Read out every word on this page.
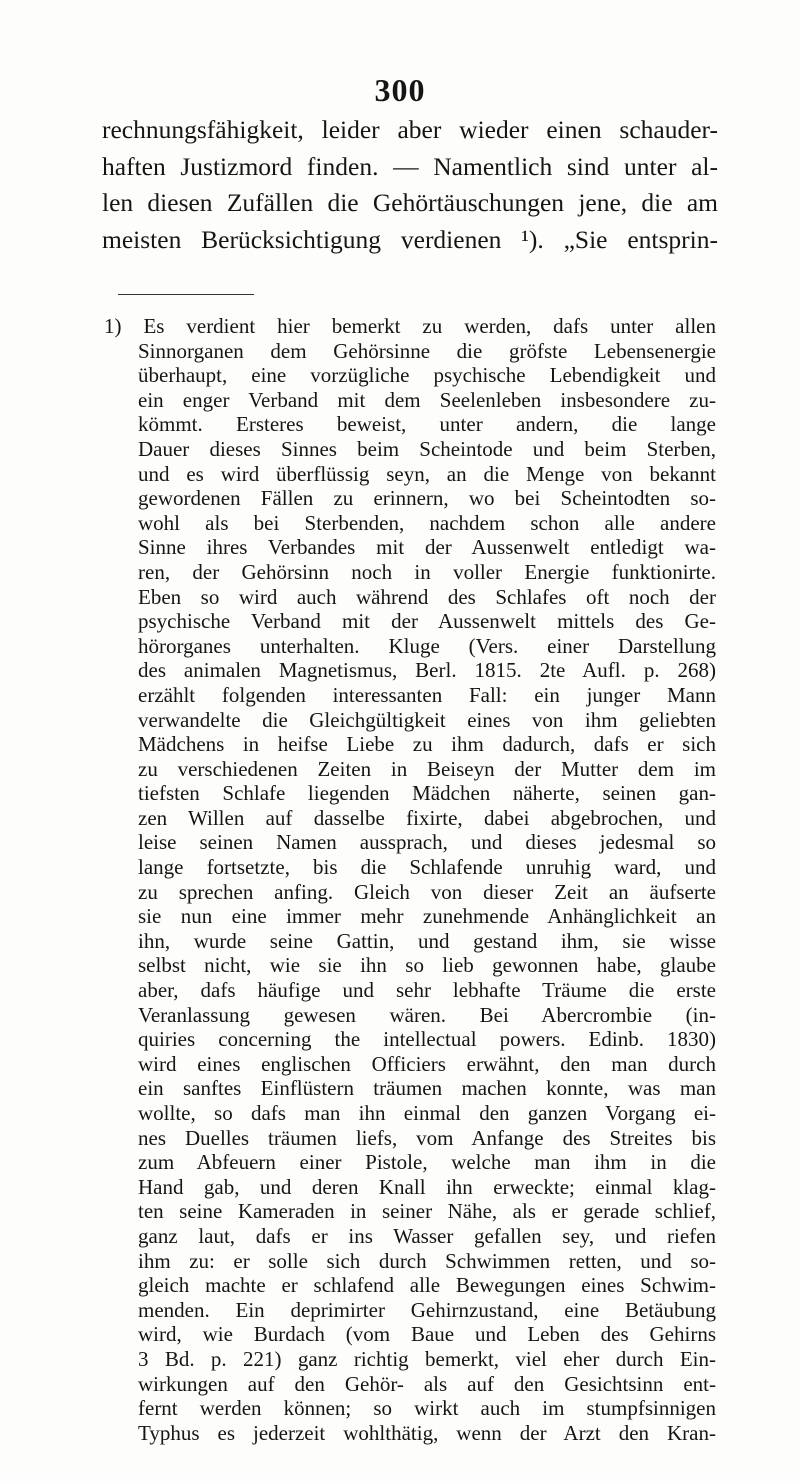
300
rechnungsfähigkeit, leider aber wieder einen schauder-
haften Justizmord finden. — Namentlich sind unter al-
len diesen Zufällen die Gehörtäuschungen jene, die am
meisten Berücksichtigung verdienen ¹). „Sie entsprin-
1) Es verdient hier bemerkt zu werden, dafs unter allen
Sinnorganen dem Gehörsinne die gröfste Lebensenergie
überhaupt, eine vorzügliche psychische Lebendigkeit und
ein enger Verband mit dem Seelenleben insbesondere zu-
kömmt. Ersteres beweist, unter andern, die lange
Dauer dieses Sinnes beim Scheintode und beim Sterben,
und es wird überflüssig seyn, an die Menge von bekannt
gewordenen Fällen zu erinnern, wo bei Scheintodten so-
wohl als bei Sterbenden, nachdem schon alle andere
Sinne ihres Verbandes mit der Aussenwelt entledigt wa-
ren, der Gehörsinn noch in voller Energie funktionirte.
Eben so wird auch während des Schlafes oft noch der
psychische Verband mit der Aussenwelt mittels des Ge-
hörorganes unterhalten. Kluge (Vers. einer Darstellung
des animalen Magnetismus, Berl. 1815. 2te Aufl. p. 268)
erzählt folgenden interessanten Fall: ein junger Mann
verwandelte die Gleichgültigkeit eines von ihm geliebten
Mädchens in heifse Liebe zu ihm dadurch, dafs er sich
zu verschiedenen Zeiten in Beiseyn der Mutter dem im
tiefsten Schlafe liegenden Mädchen näherte, seinen gan-
zen Willen auf dasselbe fixirte, dabei abgebrochen, und
leise seinen Namen aussprach, und dieses jedesmal so
lange fortsetzte, bis die Schlafende unruhig ward, und
zu sprechen anfing. Gleich von dieser Zeit an äufserte
sie nun eine immer mehr zunehmende Anhänglichkeit an
ihn, wurde seine Gattin, und gestand ihm, sie wisse
selbst nicht, wie sie ihn so lieb gewonnen habe, glaube
aber, dafs häufige und sehr lebhafte Träume die erste
Veranlassung gewesen wären. Bei Abercrombie (in-
quiries concerning the intellectual powers. Edinb. 1830)
wird eines englischen Officiers erwähnt, den man durch
ein sanftes Einflüstern träumen machen konnte, was man
wollte, so dafs man ihn einmal den ganzen Vorgang ei-
nes Duelles träumen liefs, vom Anfange des Streites bis
zum Abfeuern einer Pistole, welche man ihm in die
Hand gab, und deren Knall ihn erweckte; einmal klag-
ten seine Kameraden in seiner Nähe, als er gerade schlief,
ganz laut, dafs er ins Wasser gefallen sey, und riefen
ihm zu: er solle sich durch Schwimmen retten, und so-
gleich machte er schlafend alle Bewegungen eines Schwim-
menden. Ein deprimirter Gehirnzustand, eine Betäubung
wird, wie Burdach (vom Baue und Leben des Gehirns
3 Bd. p. 221) ganz richtig bemerkt, viel eher durch Ein-
wirkungen auf den Gehör- als auf den Gesichtsinn ent-
fernt werden können; so wirkt auch im stumpfsinnigen
Typhus es jederzeit wohlthätig, wenn der Arzt den Kran-
